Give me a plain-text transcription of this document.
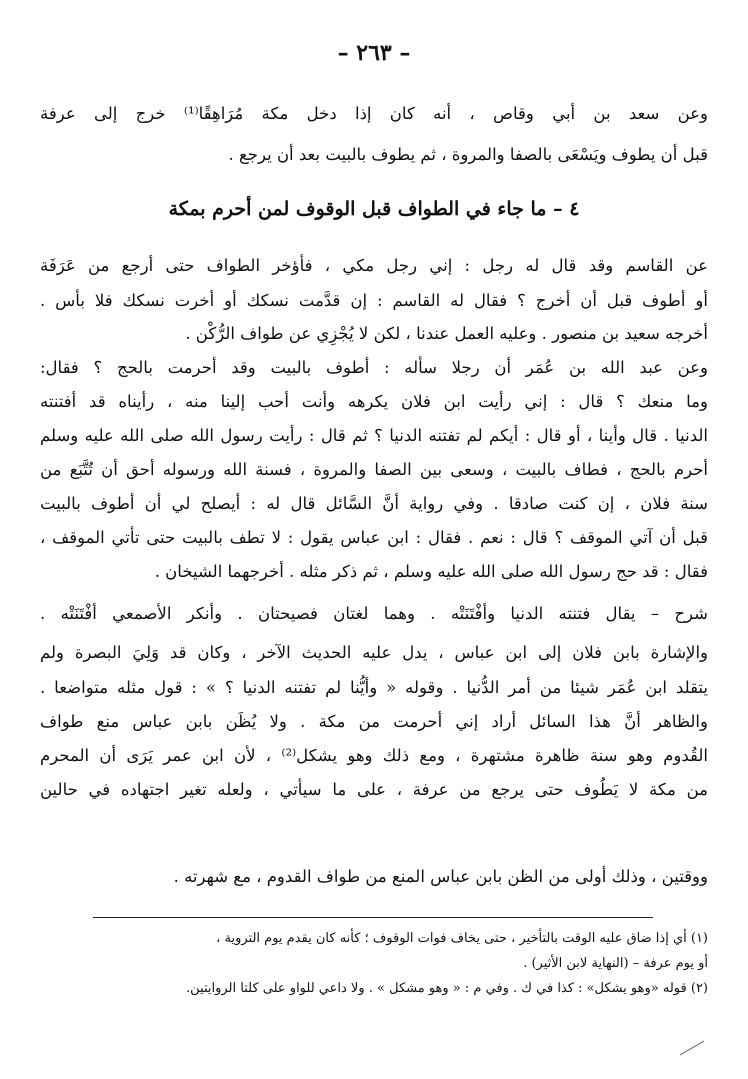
– ٢٦٣ –
وعن سعد بن أبي وقاص ، أنه كان إذا دخل مكة مُرَاهِقًا⁽¹⁾ خرج إلى عرفة
قبل أن يطوف ويَسْعَى بالصفا والمروة ، ثم يطوف بالبيت بعد أن يرجع .
٤ – ما جاء في الطواف قبل الوقوف لمن أحرم بمكة
عن القاسم وقد قال له رجل : إني رجل مكي ، فأؤخر الطواف حتى أرجع من عَرَفَة
أو أطوف قبل أن أخرج ؟ فقال له القاسم : إن قدَّمت نسكك أو أخرت نسكك فلا بأس .
أخرجه سعيد بن منصور . وعليه العمل عندنا ، لكن لا يُجْزِي عن طواف الرُّكْن .
وعن عبد الله بن عُمَر أن رجلا سأله : أطوف بالبيت وقد أحرمت بالحج ؟ فقال:
وما منعك ؟ قال : إني رأيت ابن فلان يكرهه وأنت أحب إلينا منه ، رأيناه قد أفتنته
الدنيا . قال وأينا ، أو قال : أيكم لم تفتنه الدنيا ؟ ثم قال : رأيت رسول الله صلى الله عليه وسلم
أحرم بالحج ، فطاف بالبيت ، وسعى بين الصفا والمروة ، فسنة الله ورسوله أحق أن تُتَّبَع من
سنة فلان ، إن كنت صادقا . وفي رواية أنَّ السَّائل قال له : أيصلح لي أن أطوف بالبيت
قبل أن آتي الموقف ؟ قال : نعم . فقال : ابن عباس يقول : لا تطف بالبيت حتى تأتي الموقف ،
فقال : قد حج رسول الله صلى الله عليه وسلم ، ثم ذكر مثله . أخرجهما الشيخان .
شرح – يقال فتنته الدنيا وأفْتَنَتْه . وهما لغتان فصيحتان . وأنكر الأصمعي أفْتَنَتْه .
والإشارة بابن فلان إلى ابن عباس ، يدل عليه الحديث الآخر ، وكان قد وَلِيَ البصرة ولم
يتقلد ابن عُمَر شيئا من أمر الدُّنيا . وقوله « وأيُّنا لم تفتنه الدنيا ؟ » : قول مثله متواضعا .
والظاهر أنَّ هذا السائل أراد إني أحرمت من مكة . ولا يُظَن بابن عباس منع طواف
القُدوم وهو سنة ظاهرة مشتهرة ، ومع ذلك وهو يشكل⁽²⁾ ، لأن ابن عمر يَرَى أن المحرم
من مكة لا يَطُوف حتى يرجع من عرفة ، على ما سيأتي ، ولعله تغير اجتهاده في حالين
ووقتين ، وذلك أولى من الظن بابن عباس المنع من طواف القدوم ، مع شهرته .
(١) أي إذا ضاق عليه الوقت بالتأخير ، حتى يخاف فوات الوقوف ؛ كأنه كان يقدم يوم التروية ،
أو يوم عرفة – (النهاية لابن الأثير) .
(٢) قوله «وهو يشكل» : كذا في ك . وفي م : « وهو مشكل » . ولا داعي للواو على كلتا الروايتين.
